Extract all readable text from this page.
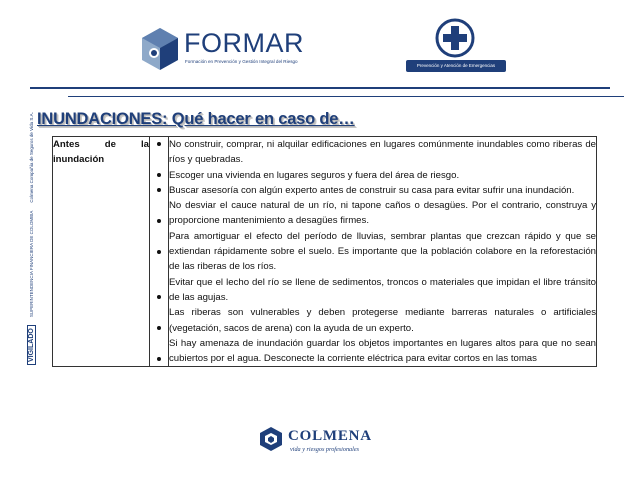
FORMAR
Formación en Prevención y Gestión Integral del Riesgo
Prevención y Atención de Emergencias
INUNDACIONES: Qué hacer en caso de…
VIGILADO
SUPERINTENDENCIA FINANCIERA DE COLOMBIA
Colmena Compañía de Seguros de Vida S.A. Antes de la inundación	

No construir, comprar, ni alquilar edificaciones en lugares comúnmente inundables como riberas de ríos y quebradas.
Escoger una vivienda en lugares seguros y fuera del área de riesgo.
Buscar asesoría con algún experto antes de construir su casa para evitar sufrir una inundación.
No desviar el cauce natural de un río, ni tapone caños o desagües. Por el contrario, construya y proporcione mantenimiento a desagües firmes.
Para amortiguar el efecto del período de lluvias, sembrar plantas que crezcan rápido y que se extiendan rápidamente sobre el suelo. Es importante que la población colabore en la reforestación de las riberas de los ríos.
Evitar que el lecho del río se llene de sedimentos, troncos o materiales que impidan el libre tránsito de las agujas.
Las riberas son vulnerables y deben protegerse mediante barreras naturales o artificiales (vegetación, sacos de arena) con la ayuda de un experto.
Si hay amenaza de inundación guardar los objetos importantes en lugares altos para que no sean cubiertos por el agua. Desconecte la corriente eléctrica para evitar cortos en las tomas
COLMENA
vida y riesgos profesionales
